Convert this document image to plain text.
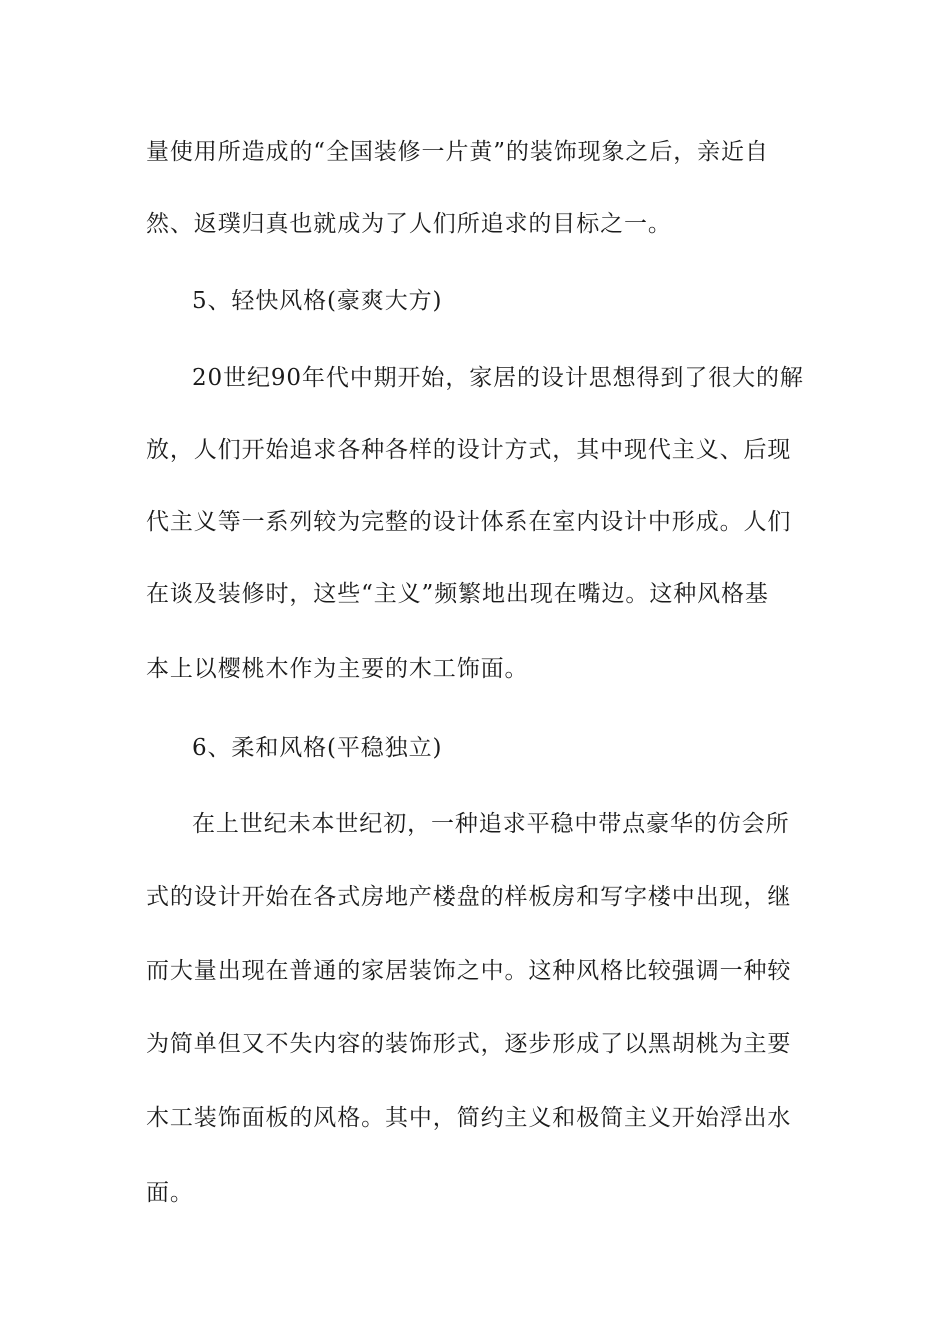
量使用所造成的“全国装修一片黄”的装饰现象之后，亲近自
然、返璞归真也就成为了人们所追求的目标之一。
5、轻快风格(豪爽大方)
20世纪90年代中期开始，家居的设计思想得到了很大的解
放，人们开始追求各种各样的设计方式，其中现代主义、后现
代主义等一系列较为完整的设计体系在室内设计中形成。人们
在谈及装修时，这些“主义”频繁地出现在嘴边。这种风格基
本上以樱桃木作为主要的木工饰面。
6、柔和风格(平稳独立)
在上世纪未本世纪初，一种追求平稳中带点豪华的仿会所
式的设计开始在各式房地产楼盘的样板房和写字楼中出现，继
而大量出现在普通的家居装饰之中。这种风格比较强调一种较
为简单但又不失内容的装饰形式，逐步形成了以黑胡桃为主要
木工装饰面板的风格。其中，简约主义和极简主义开始浮出水
面。
